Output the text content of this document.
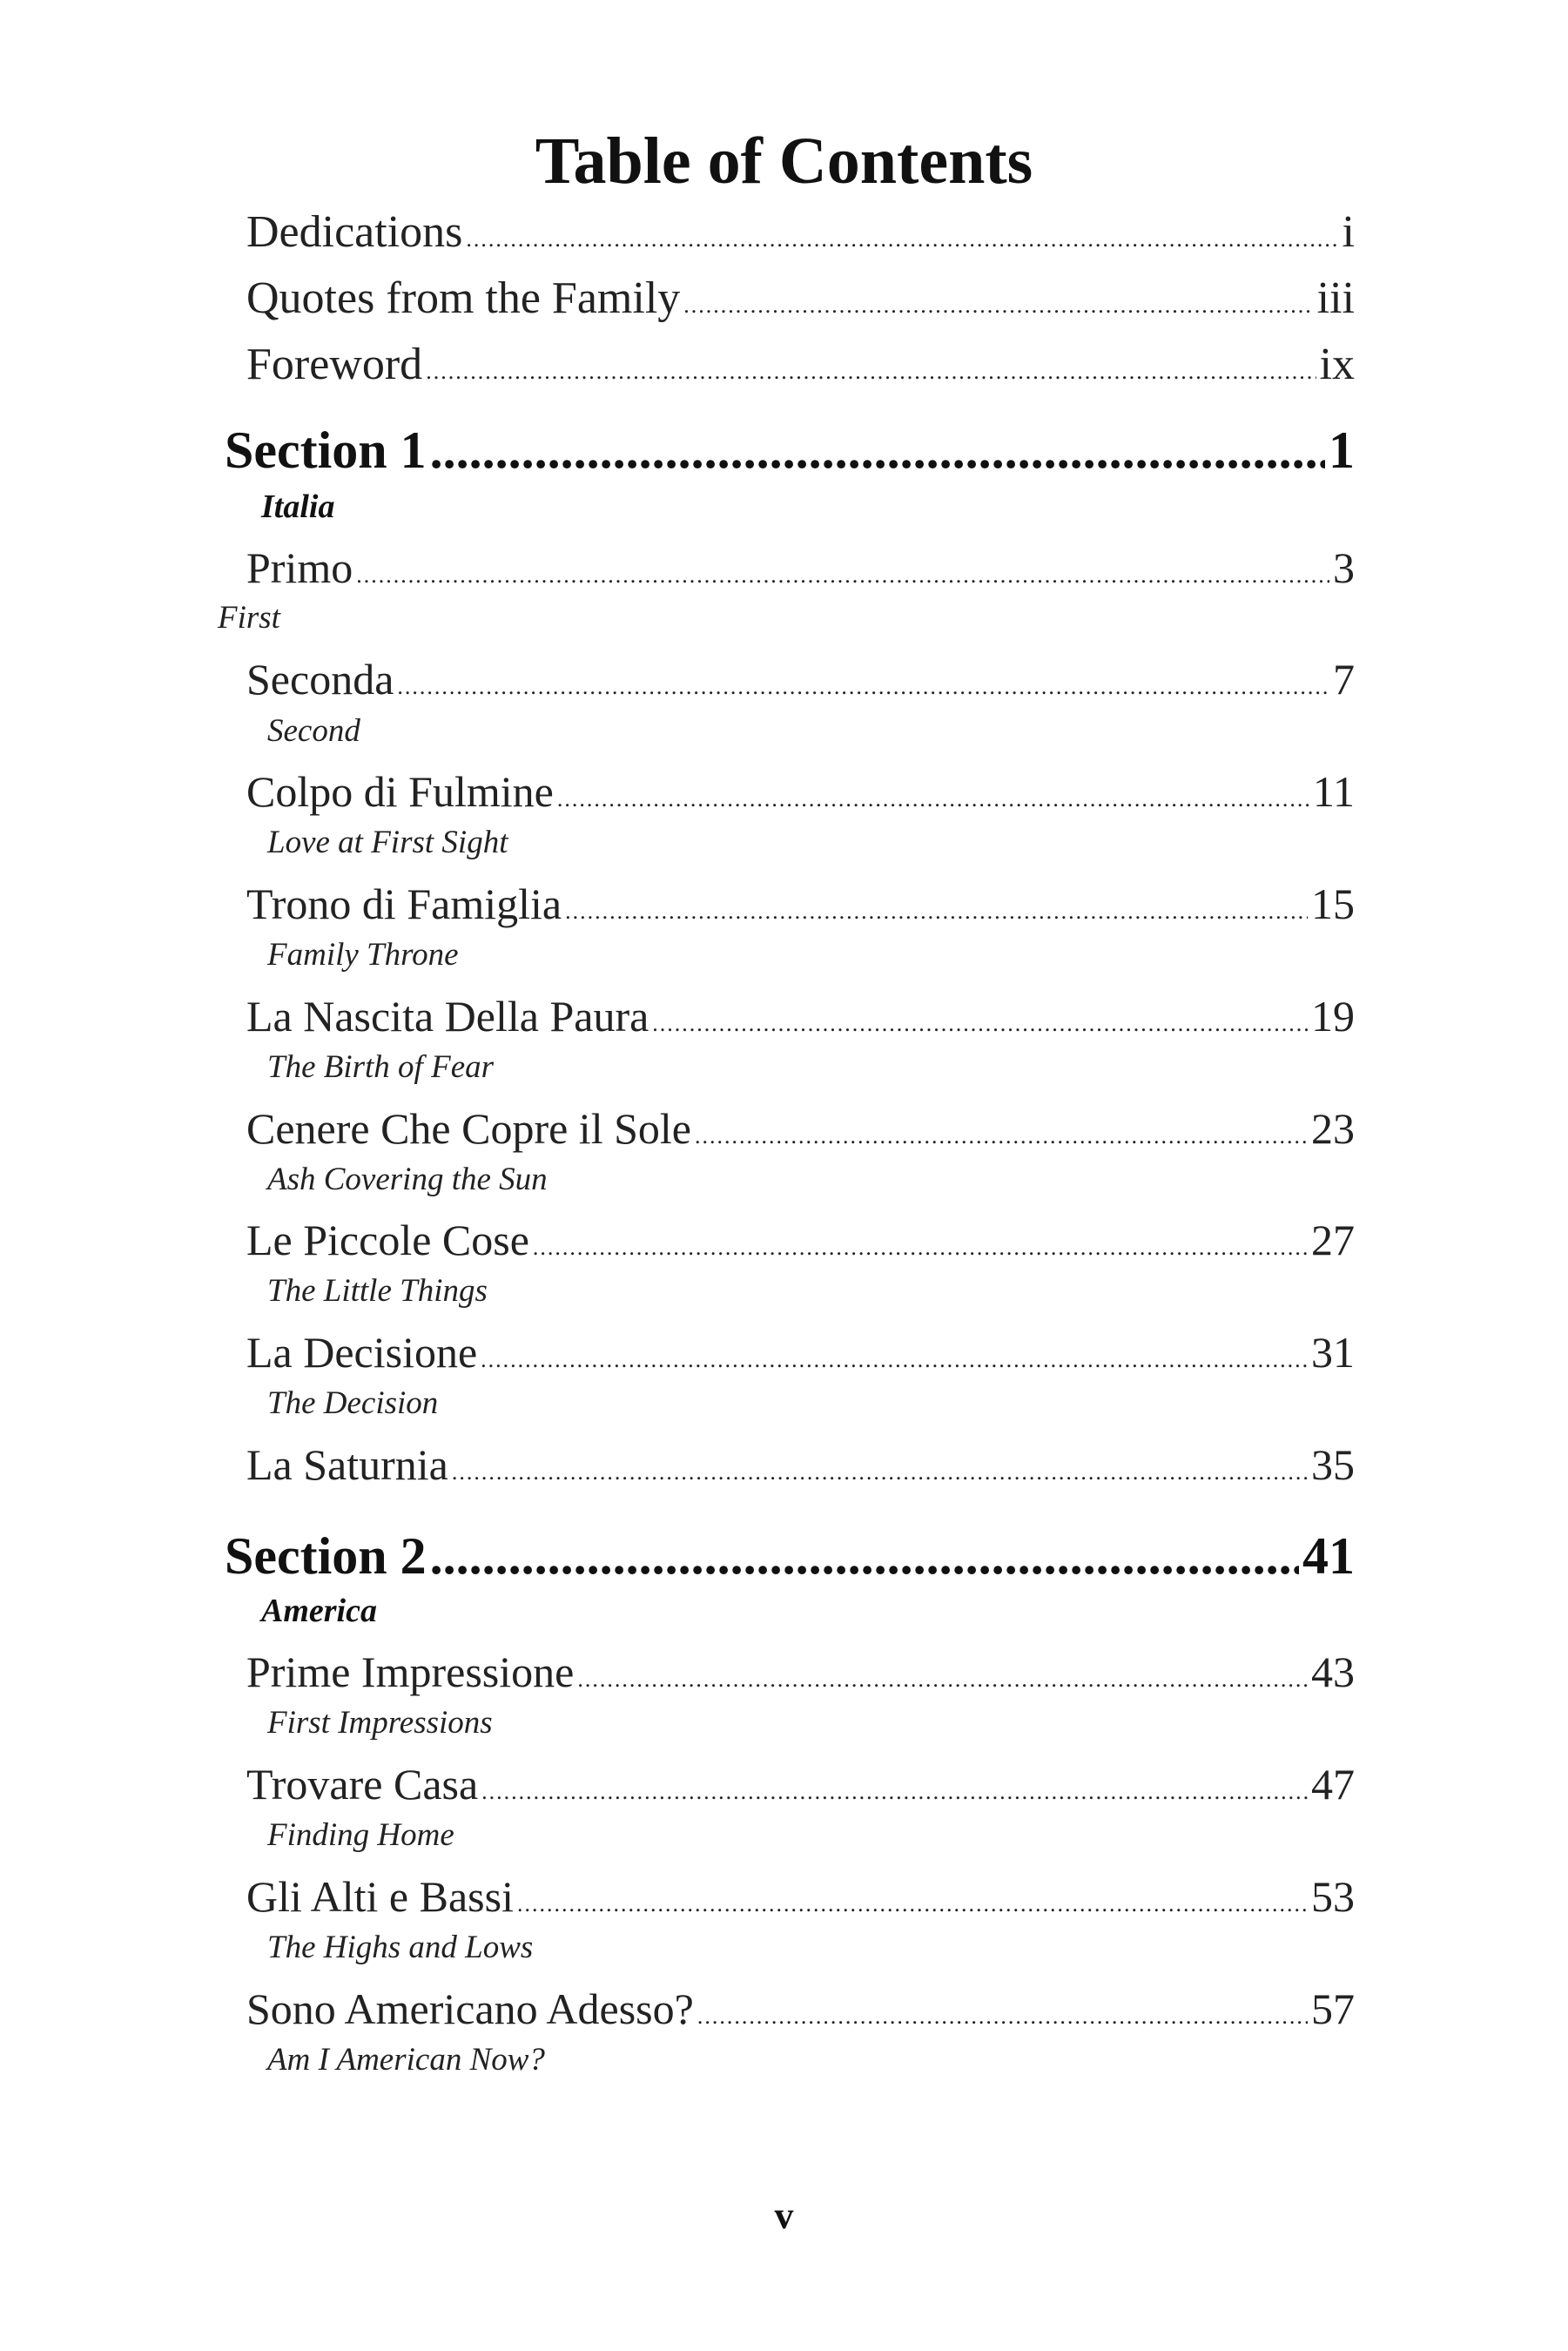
Table of Contents
Dedications .....	i
Quotes from the Family .....	iii
Foreword .....	ix
Section 1 .....	1
Italia
Primo .....	3
First
Seconda .....	7
Second
Colpo di Fulmine .....	11
Love at First Sight
Trono di Famiglia .....	15
Family Throne
La Nascita Della Paura .....	19
The Birth of Fear
Cenere Che Copre il Sole .....	23
Ash Covering the Sun
Le Piccole Cose .....	27
The Little Things
La Decisione .....	31
The Decision
La Saturnia .....	35
Section 2 .....	41
America
Prime Impressione .....	43
First Impressions
Trovare Casa .....	47
Finding Home
Gli Alti e Bassi .....	53
The Highs and Lows
Sono Americano Adesso? .....	57
Am I American Now?
v
